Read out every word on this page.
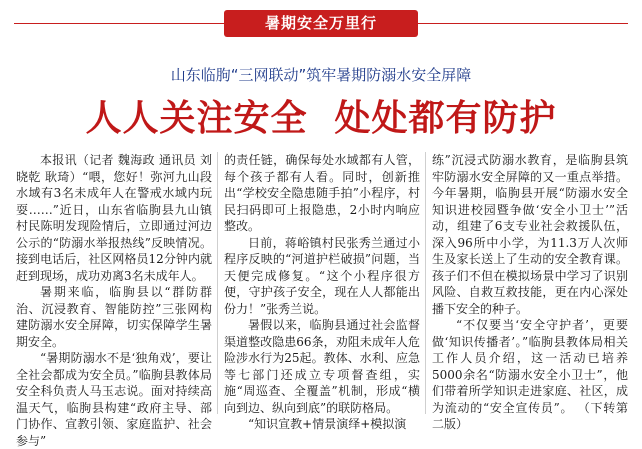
暑期安全万里行
山东临朐“三网联动”筑牢暑期防溺水安全屏障
人人关注安全  处处都有防护

本报讯（记者 魏海政 通讯员 刘晓乾 耿琦）“喂，您好！弥河九山段水域有3名未成年人在警戒水域内玩耍……”近日，山东省临朐县九山镇村民陈明发现险情后，立即通过河边公示的“防溺水举报热线”反映情况。接到电话后，社区网格员12分钟内就赶到现场，成功劝离3名未成年人。

暑期来临，临朐县以“群防群治、沉浸教育、智能防控”三张网构建防溺水安全屏障，切实保障学生暑期安全。

“暑期防溺水不是‘独角戏’，要让全社会都成为安全员。”临朐县教体局安全科负责人马玉志说。面对持续高温天气，临朐县构建“政府主导、部门协作、宣教引领、家庭监护、社会参与”

的责任链，确保每处水域都有人管，每个孩子都有人看。同时，创新推出“学校安全隐患随手拍”小程序，村民扫码即可上报隐患，2小时内响应整改。

日前，蒋峪镇村民张秀兰通过小程序反映的“河道护栏破损”问题，当天便完成修复。“这个小程序很方便，守护孩子安全，现在人人都能出份力！”张秀兰说。

暑假以来，临朐县通过社会监督渠道整改隐患66条，劝阻未成年人危险涉水行为25起。教体、水利、应急等七部门还成立专项督查组，实施“周巡查、全覆盖”机制，形成“横向到边、纵向到底”的联防格局。

“知识宣教+情景演绎+模拟演

练”沉浸式防溺水教育，是临朐县筑牢防溺水安全屏障的又一重点举措。今年暑期，临朐县开展“防溺水安全知识进校园暨争做‘安全小卫士’”活动，组建了6支专业社会救援队伍，深入96所中小学，为11.3万人次师生及家长送上了生动的安全教育课。孩子们不但在模拟场景中学习了识别风险、自救互救技能，更在内心深处播下安全的种子。

“不仅要当‘安全守护者’，更要做‘知识传播者’。”临朐县教体局相关工作人员介绍，这一活动已培养5000余名“防溺水安全小卫士”，他们带着所学知识走进家庭、社区，成为流动的“安全宣传员”。 （下转第二版）
